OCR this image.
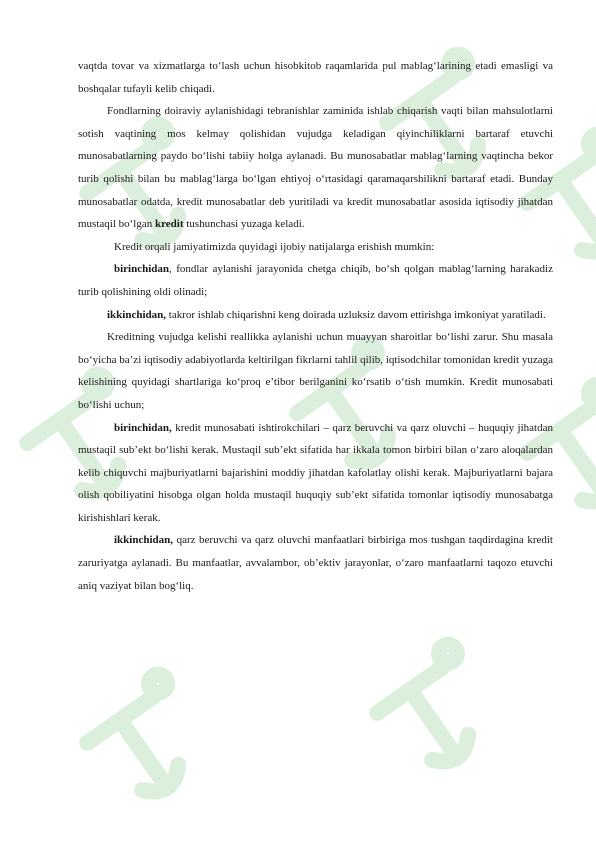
vaqtda tovar va xizmatlarga to‘lash uchun hisobkitob raqamlarida pul mablag‘larining etadi emasligi va boshqalar tufayli kelib chiqadi.

Fondlarning doiraviy aylanishidagi tebranishlar zaminida ishlab chiqarish vaqti bilan mahsulotlarni sotish vaqtining mos kelmay qolishidan vujudga keladigan qiyinchiliklarni bartaraf etuvchi munosabatlarning paydo bo‘lishi tabiiy holga aylanadi. Bu munosabatlar mablag‘larning vaqtincha bekor turib qolishi bilan bu mablag‘larga bo‘lgan ehtiyoj o‘rtasidagi qaramaqarshilikni bartaraf etadi. Bunday munosabatlar odatda, kredit munosabatlar deb yuritiladi va kredit munosabatlar asosida iqtisodiy jihatdan mustaqil bo‘lgan kredit tushunchasi yuzaga keladi.

Kredit orqali jamiyatimizda quyidagi ijobiy natijalarga erishish mumkin:

birinchidan, fondlar aylanishi jarayonida chetga chiqib, bo‘sh qolgan mablag‘larning harakadiz turib qolishining oldi olinadi;

ikkinchidan, takror ishlab chiqarishni keng doirada uzluksiz davom ettirishga imkoniyat yaratiladi.

Kreditning vujudga kelishi reallikka aylanishi uchun muayyan sharoitlar bo‘lishi zarur. Shu masala bo‘yicha ba’zi iqtisodiy adabiyotlarda keltirilgan fikrlarni tahlil qilib, iqtisodchilar tomonidan kredit yuzaga kelishining quyidagi shartlariga ko‘proq e’tibor berilganini ko‘rsatib o‘tish mumkin. Kredit munosabati bo‘lishi uchun;

birinchidan, kredit munosabati ishtirokchilari – qarz beruvchi va qarz oluvchi – huquqiy jihatdan mustaqil sub’ekt bo‘lishi kerak. Mustaqil sub’ekt sifatida har ikkala tomon birbiri bilan o‘zaro aloqalardan kelib chiquvchi majburiyatlarni bajarishini moddiy jihatdan kafolatlay olishi kerak. Majburiyatlarni bajara olish qobiliyatini hisobga olgan holda mustaqil huquqiy sub’ekt sifatida tomonlar iqtisodiy munosabatga kirishishlari kerak.

ikkinchidan, qarz beruvchi va qarz oluvchi manfaatlari birbiriga mos tushgan taqdirdagina kredit zaruriyatga aylanadi. Bu manfaatlar, avvalambor, ob’ektiv jarayonlar, o‘zaro manfaatlarni taqozo etuvchi aniq vaziyat bilan bog‘liq.
